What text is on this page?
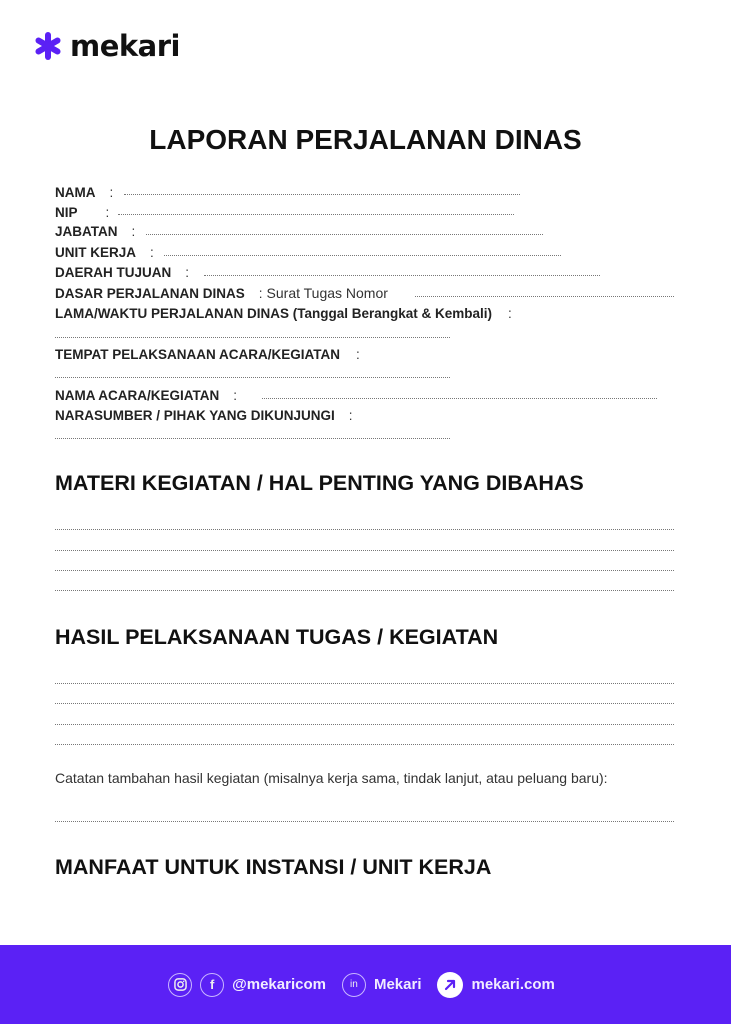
mekari
LAPORAN PERJALANAN DINAS
NAMA :
NIP :
JABATAN :
UNIT KERJA :
DAERAH TUJUAN :
DASAR PERJALANAN DINAS : Surat Tugas Nomor
LAMA/WAKTU PERJALANAN DINAS (Tanggal Berangkat & Kembali) :
TEMPAT PELAKSANAAN ACARA/KEGIATAN :
NAMA ACARA/KEGIATAN :
NARASUMBER / PIHAK YANG DIKUNJUNGI :
MATERI KEGIATAN / HAL PENTING YANG DIBAHAS
HASIL PELAKSANAAN TUGAS / KEGIATAN
Catatan tambahan hasil kegiatan (misalnya kerja sama, tindak lanjut, atau peluang baru):
MANFAAT UNTUK INSTANSI / UNIT KERJA
f	@mekaricom	in	Mekari	mekari.com
